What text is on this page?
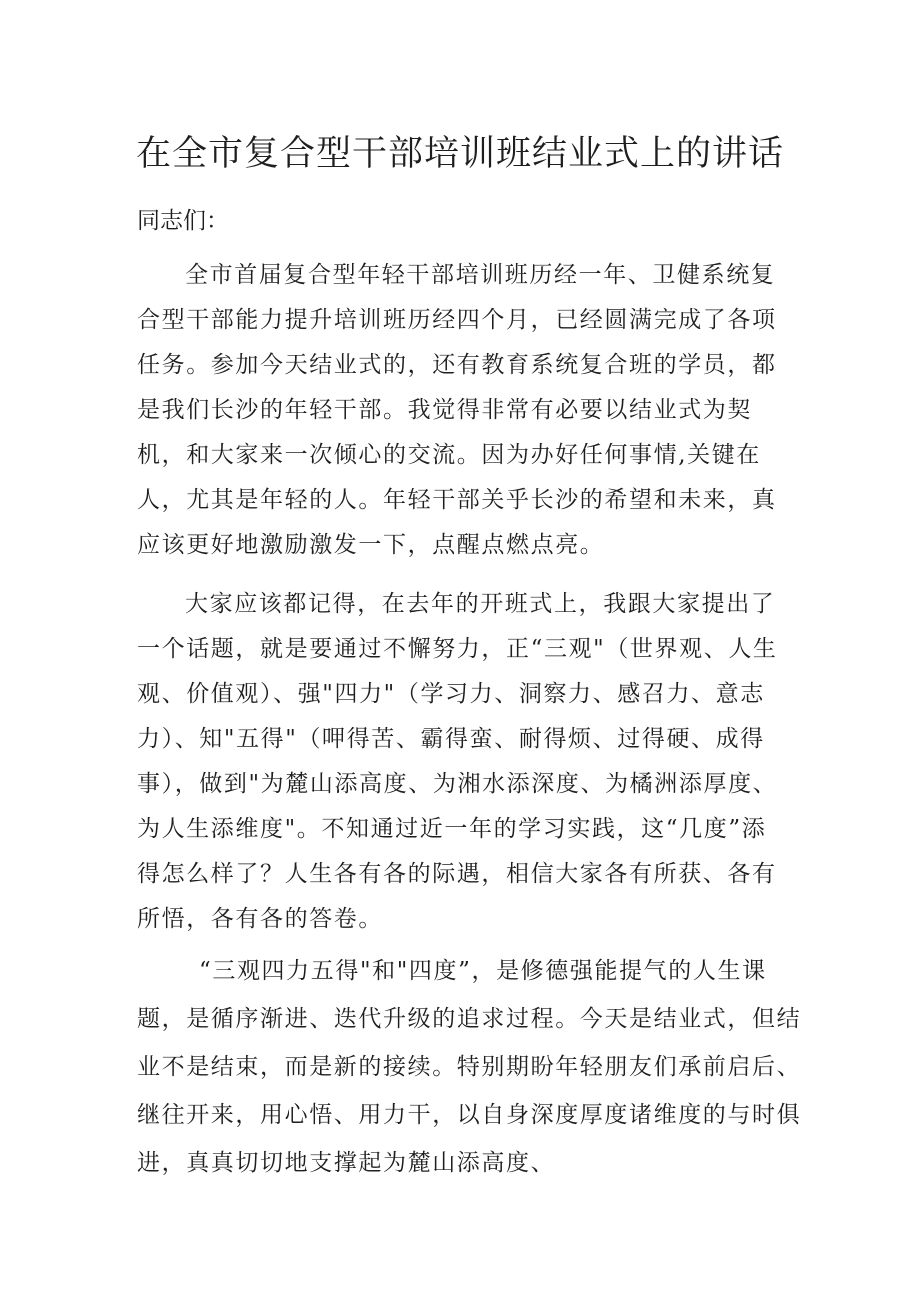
在全市复合型干部培训班结业式上的讲话

同志们：

全市首届复合型年轻干部培训班历经一年、卫健系统复
合型干部能力提升培训班历经四个月，已经圆满完成了各项
任务。参加今天结业式的，还有教育系统复合班的学员，都
是我们长沙的年轻干部。我觉得非常有必要以结业式为契
机，和大家来一次倾心的交流。因为办好任何事情,关键在
人，尤其是年轻的人。年轻干部关乎长沙的希望和未来，真
应该更好地激励激发一下，点醒点燃点亮。
大家应该都记得，在去年的开班式上，我跟大家提出了
一个话题，就是要通过不懈努力，正“三观"（世界观、人生
观、价值观）、强"四力"（学习力、洞察力、感召力、意志
力）、知"五得"（呷得苦、霸得蛮、耐得烦、过得硬、成得
事），做到"为麓山添高度、为湘水添深度、为橘洲添厚度、
为人生添维度"。不知通过近一年的学习实践，这“几度”添
得怎么样了？人生各有各的际遇，相信大家各有所获、各有
所悟，各有各的答卷。
“三观四力五得"和"四度”，是修德强能提气的人生课
题，是循序渐进、迭代升级的追求过程。今天是结业式，但结
业不是结束，而是新的接续。特别期盼年轻朋友们承前启后、
继往开来，用心悟、用力干，以自身深度厚度诸维度的与时俱
进，真真切切地支撑起为麓山添高度、
